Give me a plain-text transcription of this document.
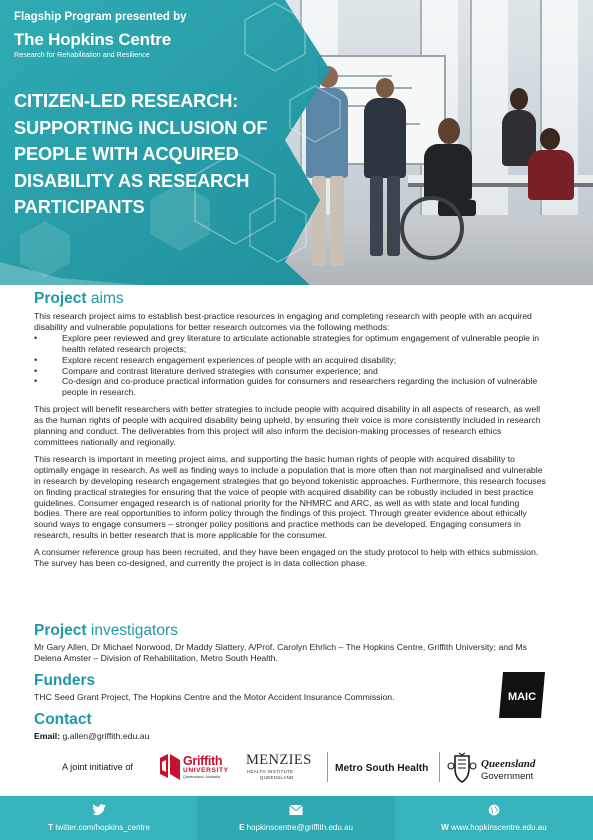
Flagship Program presented by
The Hopkins Centre
Research for Rehabilitation and Resilience
CITIZEN-LED RESEARCH: SUPPORTING INCLUSION OF PEOPLE WITH ACQUIRED DISABILITY AS RESEARCH PARTICIPANTS
Project aims

This research project aims to establish best-practice resources in engaging and completing research with people with an acquired disability and vulnerable populations for better research outcomes via the following methods:

• Explore peer reviewed and grey literature to articulate actionable strategies for optimum engagement of vulnerable people in health related research projects;
• Explore recent research engagement experiences of people with an acquired disability;
• Compare and contrast literature derived strategies with consumer experience; and
• Co-design and co-produce practical information guides for consumers and researchers regarding the inclusion of vulnerable people in research.

This project will benefit researchers with better strategies to include people with acquired disability in all aspects of research, as well as the human rights of people with acquired disability being upheld, by ensuring their voice is more consistently included in research planning and conduct. The deliverables from this project will also inform the decision-making processes of research ethics committees nationally and regionally.

This research is important in meeting project aims, and supporting the basic human rights of people with acquired disability to optimally engage in research. As well as finding ways to include a population that is more often than not marginalised and vulnerable in research by developing research engagement strategies that go beyond tokenistic approaches. Furthermore, this research focuses on finding practical strategies for ensuring that the voice of people with acquired disability can be robustly included in best practice guidelines. Consumer engaged research is of national priority for the NHMRC and ARC, as well as with state and local funding bodies. There are real opportunities to inform policy through the findings of this project. Through greater evidence about ethically sound ways to engage consumers – stronger policy positions and practice methods can be developed. Engaging consumers in research, results in better research that is more applicable for the consumer.

A consumer reference group has been recruited, and they have been engaged on the study protocol to help with ethics submission. The survey has been co-designed, and currently the project is in data collection phase.

Project investigators

Mr Gary Allen, Dr Michael Norwood, Dr Maddy Slattery, A/Prof. Carolyn Ehrlich – The Hopkins Centre, Griffith University; and Ms Delena Amster – Division of Rehabilitation, Metro South Health.

Funders

THC Seed Grant Project, The Hopkins Centre and the Motor Accident Insurance Commission.

Contact
Email: g.allen@griffith.edu.au
MAIC
A joint initiative of	Griffith
UNIVERSITY
Queensland, Australia
MENZIES
HEALTH INSTITUTE
QUEENSLAND
Metro South Health	Queensland
Government
T twitter.com/hopkins_centre	E hopkinscentre@griffith.edu.au	W www.hopkinscentre.edu.au
